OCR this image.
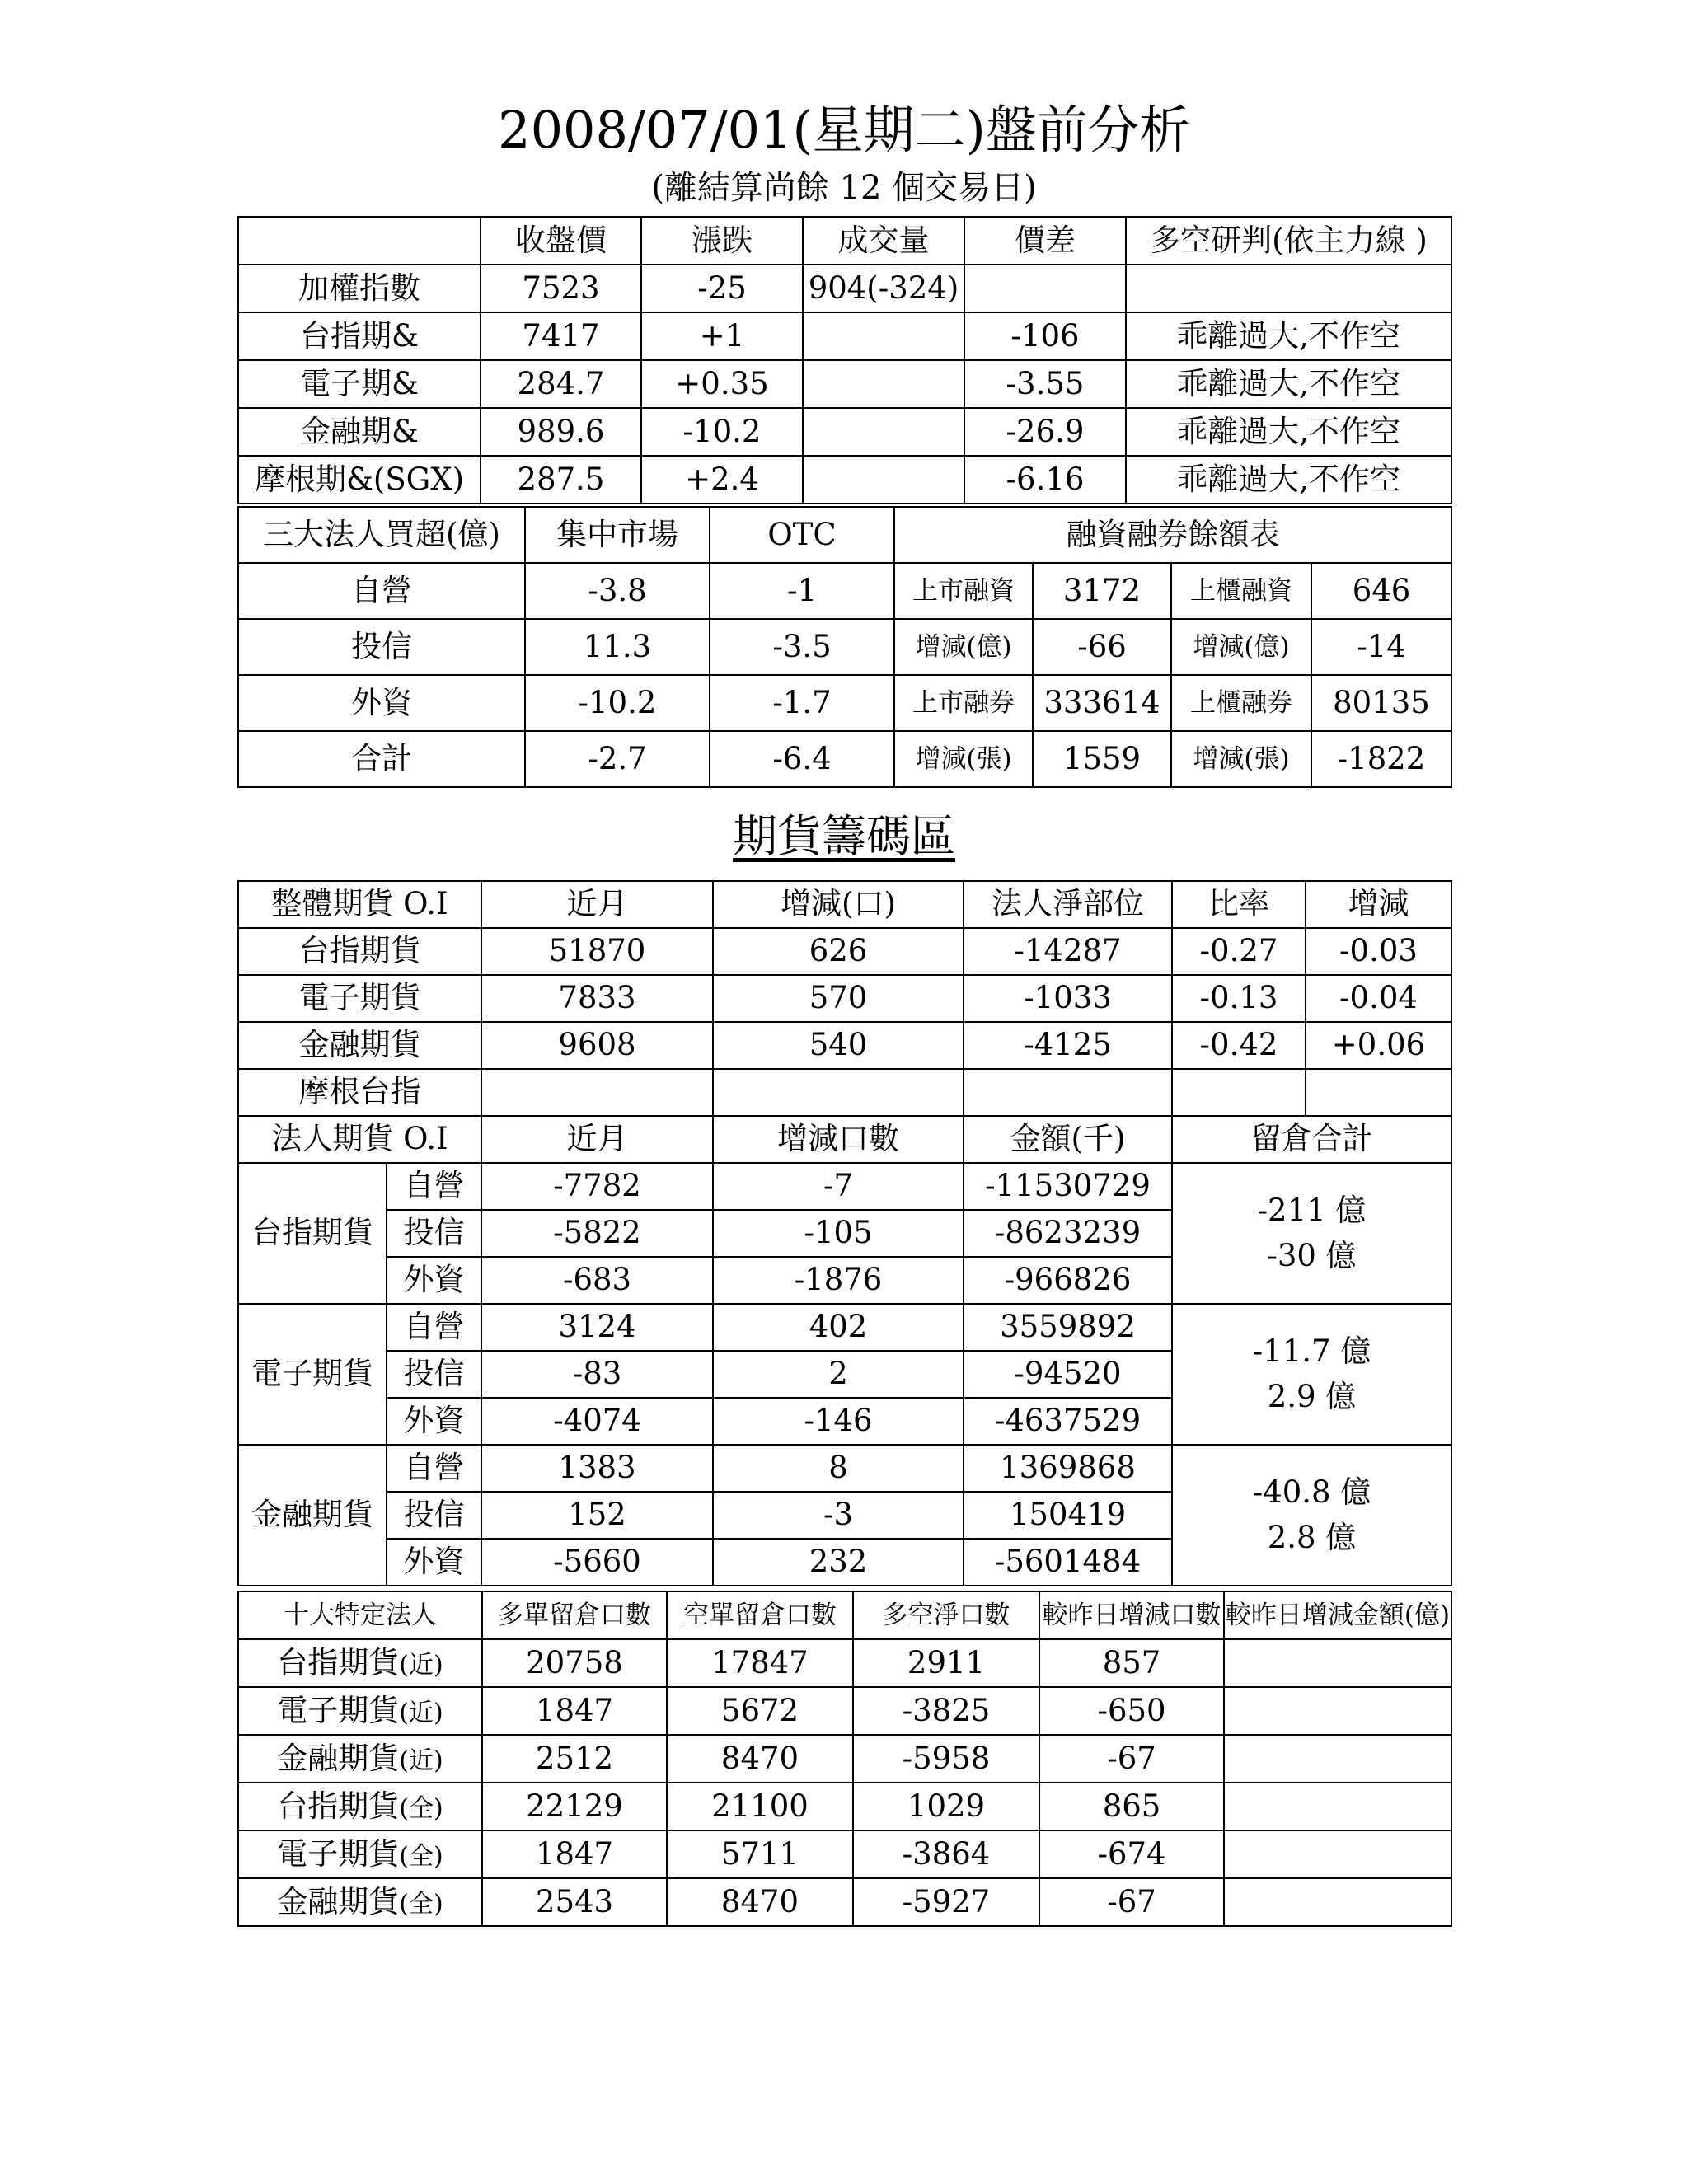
2008/07/01(星期二)盤前分析
(離結算尚餘 12 個交易日)
	收盤價	漲跌	成交量	價差	多空研判(依主力線 )
加權指數	7523	-25	904(-324)		
台指期&	7417	+1		-106	乖離過大,不作空
電子期&	284.7	+0.35		-3.55	乖離過大,不作空
金融期&	989.6	-10.2		-26.9	乖離過大,不作空
摩根期&(SGX)	287.5	+2.4		-6.16	乖離過大,不作空
三大法人買超(億)	集中市場	OTC	融資融券餘額表			
自營	-3.8	-1	上市融資	3172	上櫃融資	646
投信	11.3	-3.5	增減(億)	-66	增減(億)	-14
外資	-10.2	-1.7	上市融券	333614	上櫃融券	80135
合計	-2.7	-6.4	增減(張)	1559	增減(張)	-1822
期貨籌碼區
整體期貨 O.I		近月	增減(口)	法人淨部位	比率	增減
台指期貨		51870	626	-14287	-0.27	-0.03
電子期貨		7833	570	-1033	-0.13	-0.04
金融期貨		9608	540	-4125	-0.42	+0.06
摩根台指						
法人期貨 O.I		近月	增減口數	金額(千)	留倉合計	
台指期貨	自營	-7782	-7	-11530729	-211 億
-30 億	

	投信	-5822	-105	-8623239		
	外資	-683	-1876	-966826		
電子期貨	自營	3124	402	3559892	-11.7 億
2.9 億	

	投信	-83	2	-94520		
	外資	-4074	-146	-4637529		
金融期貨	自營	1383	8	1369868	-40.8 億
2.8 億	

	投信	152	-3	150419		
	外資	-5660	232	-5601484		
十大特定法人	多單留倉口數	空單留倉口數	多空淨口數	較昨日增減口數	較昨日增減金額(億)
台指期貨(近)	20758	17847	2911	857	
電子期貨(近)	1847	5672	-3825	-650	
金融期貨(近)	2512	8470	-5958	-67	
台指期貨(全)	22129	21100	1029	865	
電子期貨(全)	1847	5711	-3864	-674	
金融期貨(全)	2543	8470	-5927	-67	
